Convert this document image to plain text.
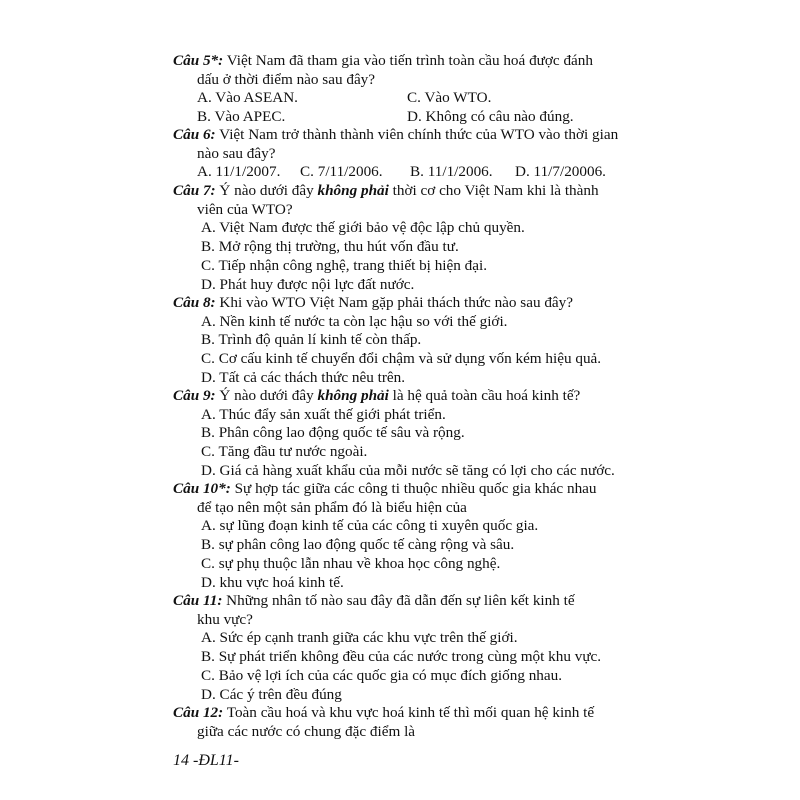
Câu 5*: Việt Nam đã tham gia vào tiến trình toàn cầu hoá được đánh
dấu ở thời điểm nào sau đây?

A. Vào ASEAN.	C. Vào WTO.
B. Vào APEC.	D. Không có câu nào đúng.

Câu 6: Việt Nam trở thành thành viên chính thức của WTO vào thời gian
nào sau đây?

A. 11/1/2007. C. 7/11/2006. B. 11/1/2006. D. 11/7/20006.

Câu 7: Ý nào dưới đây không phải thời cơ cho Việt Nam khi là thành
viên của WTO?

A. Việt Nam được thế giới bảo vệ độc lập chủ quyền.

B. Mở rộng thị trường, thu hút vốn đầu tư.

C. Tiếp nhận công nghệ, trang thiết bị hiện đại.

D. Phát huy được nội lực đất nước.

Câu 8: Khi vào WTO Việt Nam gặp phải thách thức nào sau đây?

A. Nền kinh tế nước ta còn lạc hậu so với thế giới.

B. Trình độ quản lí kinh tế còn thấp.

C. Cơ cấu kinh tế chuyển đổi chậm và sử dụng vốn kém hiệu quả.

D. Tất cả các thách thức nêu trên.

Câu 9: Ý nào dưới đây không phải là hệ quả toàn cầu hoá kinh tế?

A. Thúc đẩy sản xuất thế giới phát triển.

B. Phân công lao động quốc tế sâu và rộng.

C. Tăng đầu tư nước ngoài.

D. Giá cả hàng xuất khẩu của mỗi nước sẽ tăng có lợi cho các nước.

Câu 10*: Sự hợp tác giữa các công ti thuộc nhiều quốc gia khác nhau
để tạo nên một sản phẩm đó là biểu hiện của

A. sự lũng đoạn kinh tế của các công ti xuyên quốc gia.

B. sự phân công lao động quốc tế càng rộng và sâu.

C. sự phụ thuộc lẫn nhau về khoa học công nghệ.

D. khu vực hoá kinh tế.

Câu 11: Những nhân tố nào sau đây đã dẫn đến sự liên kết kinh tế
khu vực?

A. Sức ép cạnh tranh giữa các khu vực trên thế giới.

B. Sự phát triển không đều của các nước trong cùng một khu vực.

C. Bảo vệ lợi ích của các quốc gia có mục đích giống nhau.

D. Các ý trên đều đúng

Câu 12: Toàn cầu hoá và khu vực hoá kinh tế thì mối quan hệ kinh tế
giữa các nước có chung đặc điểm là

14 -ĐL11-
